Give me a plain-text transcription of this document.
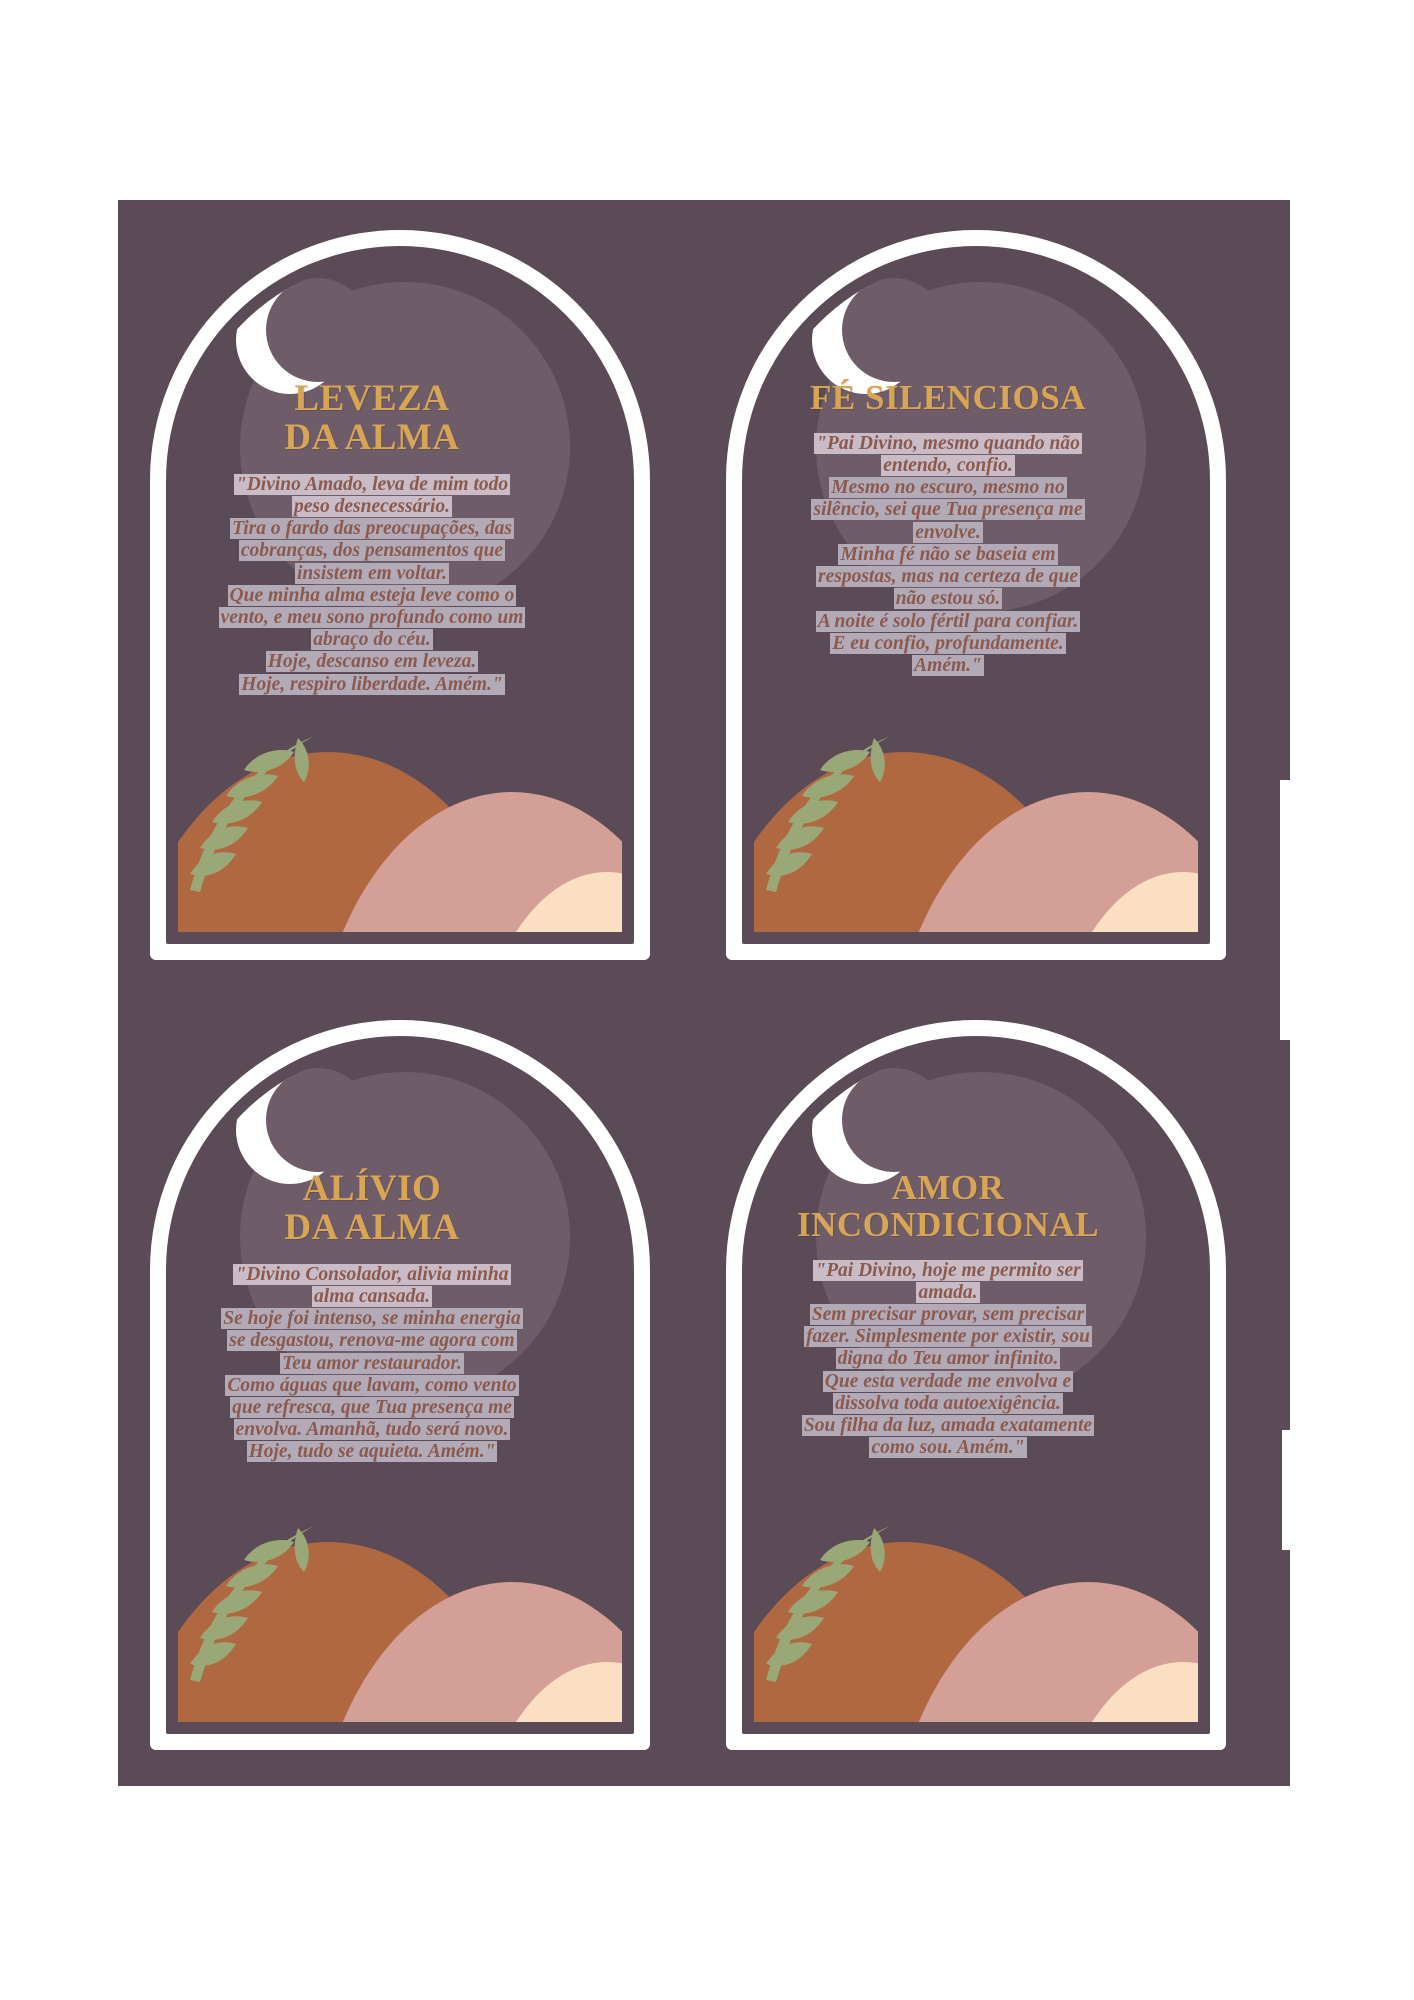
LEVEZA
DA ALMA
"Divino Amado, leva de mim todo
peso desnecessário.
Tira o fardo das preocupações, das
cobranças, dos pensamentos que
insistem em voltar.
Que minha alma esteja leve como o
vento, e meu sono profundo como um
abraço do céu.
Hoje, descanso em leveza.
Hoje, respiro liberdade. Amém."
FÉ SILENCIOSA
"Pai Divino, mesmo quando não
entendo, confio.
Mesmo no escuro, mesmo no
silêncio, sei que Tua presença me
envolve.
Minha fé não se baseia em
respostas, mas na certeza de que
não estou só.
A noite é solo fértil para confiar.
E eu confio, profundamente.
Amém."
ALÍVIO
DA ALMA
"Divino Consolador, alivia minha
alma cansada.
Se hoje foi intenso, se minha energia
se desgastou, renova-me agora com
Teu amor restaurador.
Como águas que lavam, como vento
que refresca, que Tua presença me
envolva. Amanhã, tudo será novo.
Hoje, tudo se aquieta. Amém."
AMOR
INCONDICIONAL
"Pai Divino, hoje me permito ser
amada.
Sem precisar provar, sem precisar
fazer. Simplesmente por existir, sou
digna do Teu amor infinito.
Que esta verdade me envolva e
dissolva toda autoexigência.
Sou filha da luz, amada exatamente
como sou. Amém."
